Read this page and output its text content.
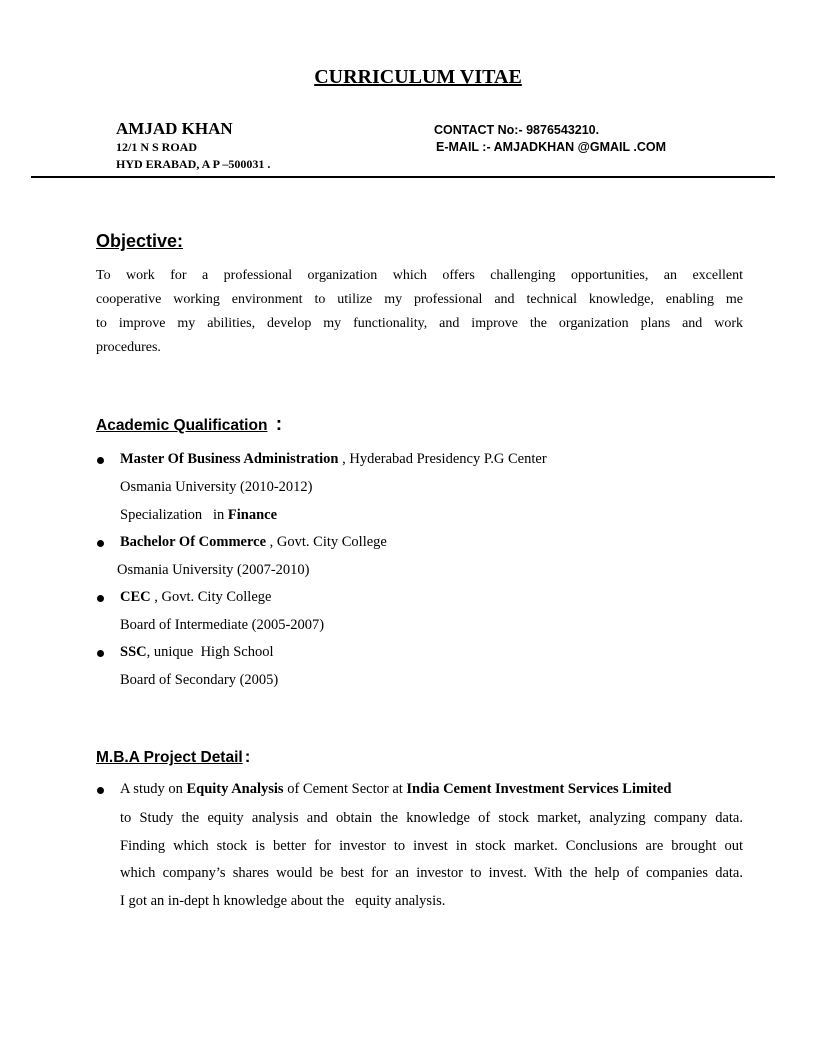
CURRICULUM VITAE
AMJAD KHAN
12/1 N S ROAD
HYD ERABAD, A P –500031 .
CONTACT No:- 9876543210.
E-MAIL :- AMJADKHAN @GMAIL .COM
Objective:
To work for a professional organization which offers challenging opportunities, an excellent
cooperative working environment to utilize my professional and technical knowledge, enabling me
to improve my abilities, develop my functionality, and improve the organization plans and work
procedures.
Academic Qualification :
Master Of Business Administration , Hyderabad Presidency P.G Center
Osmania University (2010-2012)
Specialization   in Finance
Bachelor Of Commerce , Govt. City College
Osmania University (2007-2010)
CEC , Govt. City College
Board of Intermediate (2005-2007)
SSC, unique  High School
Board of Secondary (2005)
M.B.A Project Detail :
A study on Equity Analysis of Cement Sector at India Cement Investment Services Limited
to Study the equity analysis and obtain the knowledge of stock market, analyzing company data.
Finding which stock is better for investor to invest in stock market. Conclusions are brought out
which company’s shares would be best for an investor to invest. With the help of companies data.
I got an in-dept h knowledge about the   equity analysis.
